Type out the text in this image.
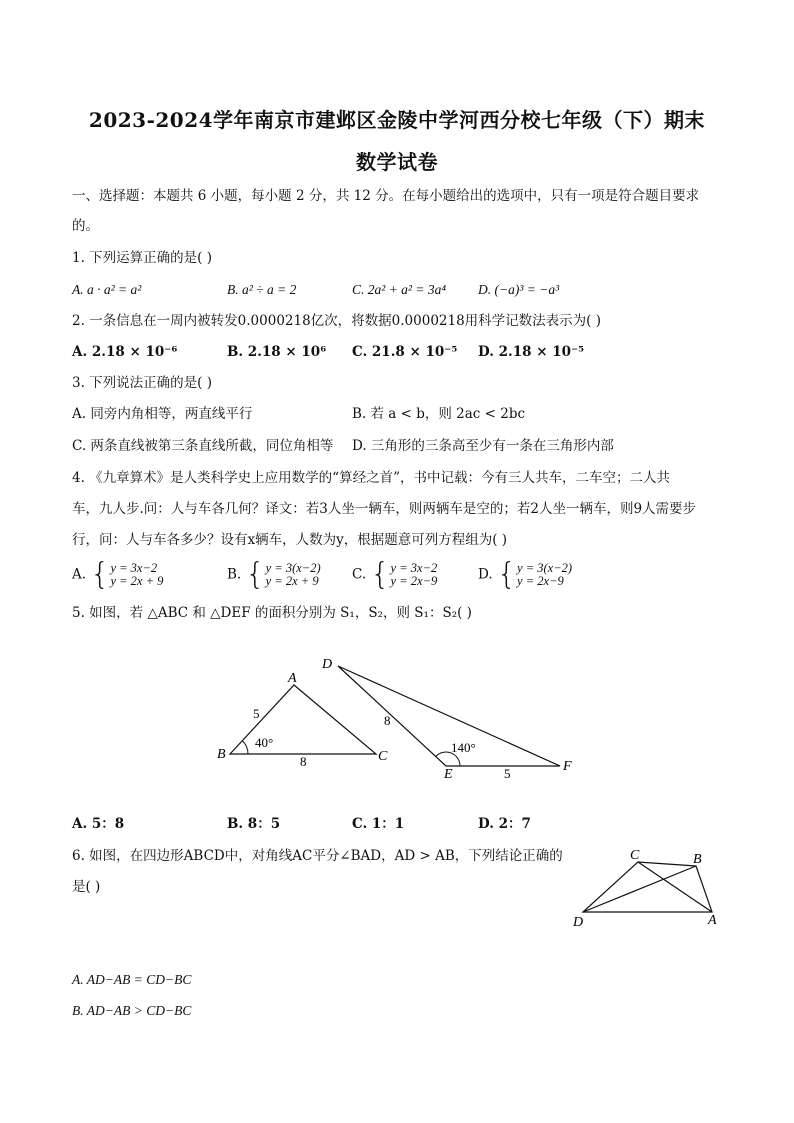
2023-2024学年南京市建邺区金陵中学河西分校七年级（下）期末
数学试卷
一、选择题：本题共 6 小题，每小题 2 分，共 12 分。在每小题给出的选项中，只有一项是符合题目要求
的。
1. 下列运算正确的是( )
A. a · a² = a²	B. a² ÷ a = 2	C. 2a² + a² = 3a⁴ D. (−a)³ = −a³
2. 一条信息在一周内被转发0.0000218亿次，将数据0.0000218用科学记数法表示为( )
A. 2.18 × 10⁻⁶	B. 2.18 × 10⁶ C. 21.8 × 10⁻⁵ D. 2.18 × 10⁻⁵
3. 下列说法正确的是( )
A. 同旁内角相等，两直线平行	B. 若 a < b，则 2ac < 2bc
C. 两条直线被第三条直线所截，同位角相等 D. 三角形的三条高至少有一条在三角形内部
4. 《九章算术》是人类科学史上应用数学的“算经之首”，书中记载：今有三人共车，二车空；二人共
车，九人步.问：人与车各几何？译文：若3人坐一辆车，则两辆车是空的；若2人坐一辆车，则9人需要步
行，问：人与车各多少？设有x辆车，人数为y，根据题意可列方程组为( )
A. { y = 3x−2
y = 2x + 9	B. { y = 3(x−2)
y = 2x + 9 C. { y = 3x−2
y = 2x−9	D. { y = 3(x−2)
y = 2x−9
5. 如图，若 △ABC 和 △DEF 的面积分别为 S₁，S₂，则 S₁：S₂( )
A
B	C
5
8
40°
D
E
F
8
5
140°
A. 5：8	B. 8：5	C. 1：1	D. 2：7
6. 如图，在四边形ABCD中，对角线AC平分∠BAD，AD > AB，下列结论正确的
是( )
C	B
D	A
A. AD−AB = CD−BC
B. AD−AB > CD−BC
